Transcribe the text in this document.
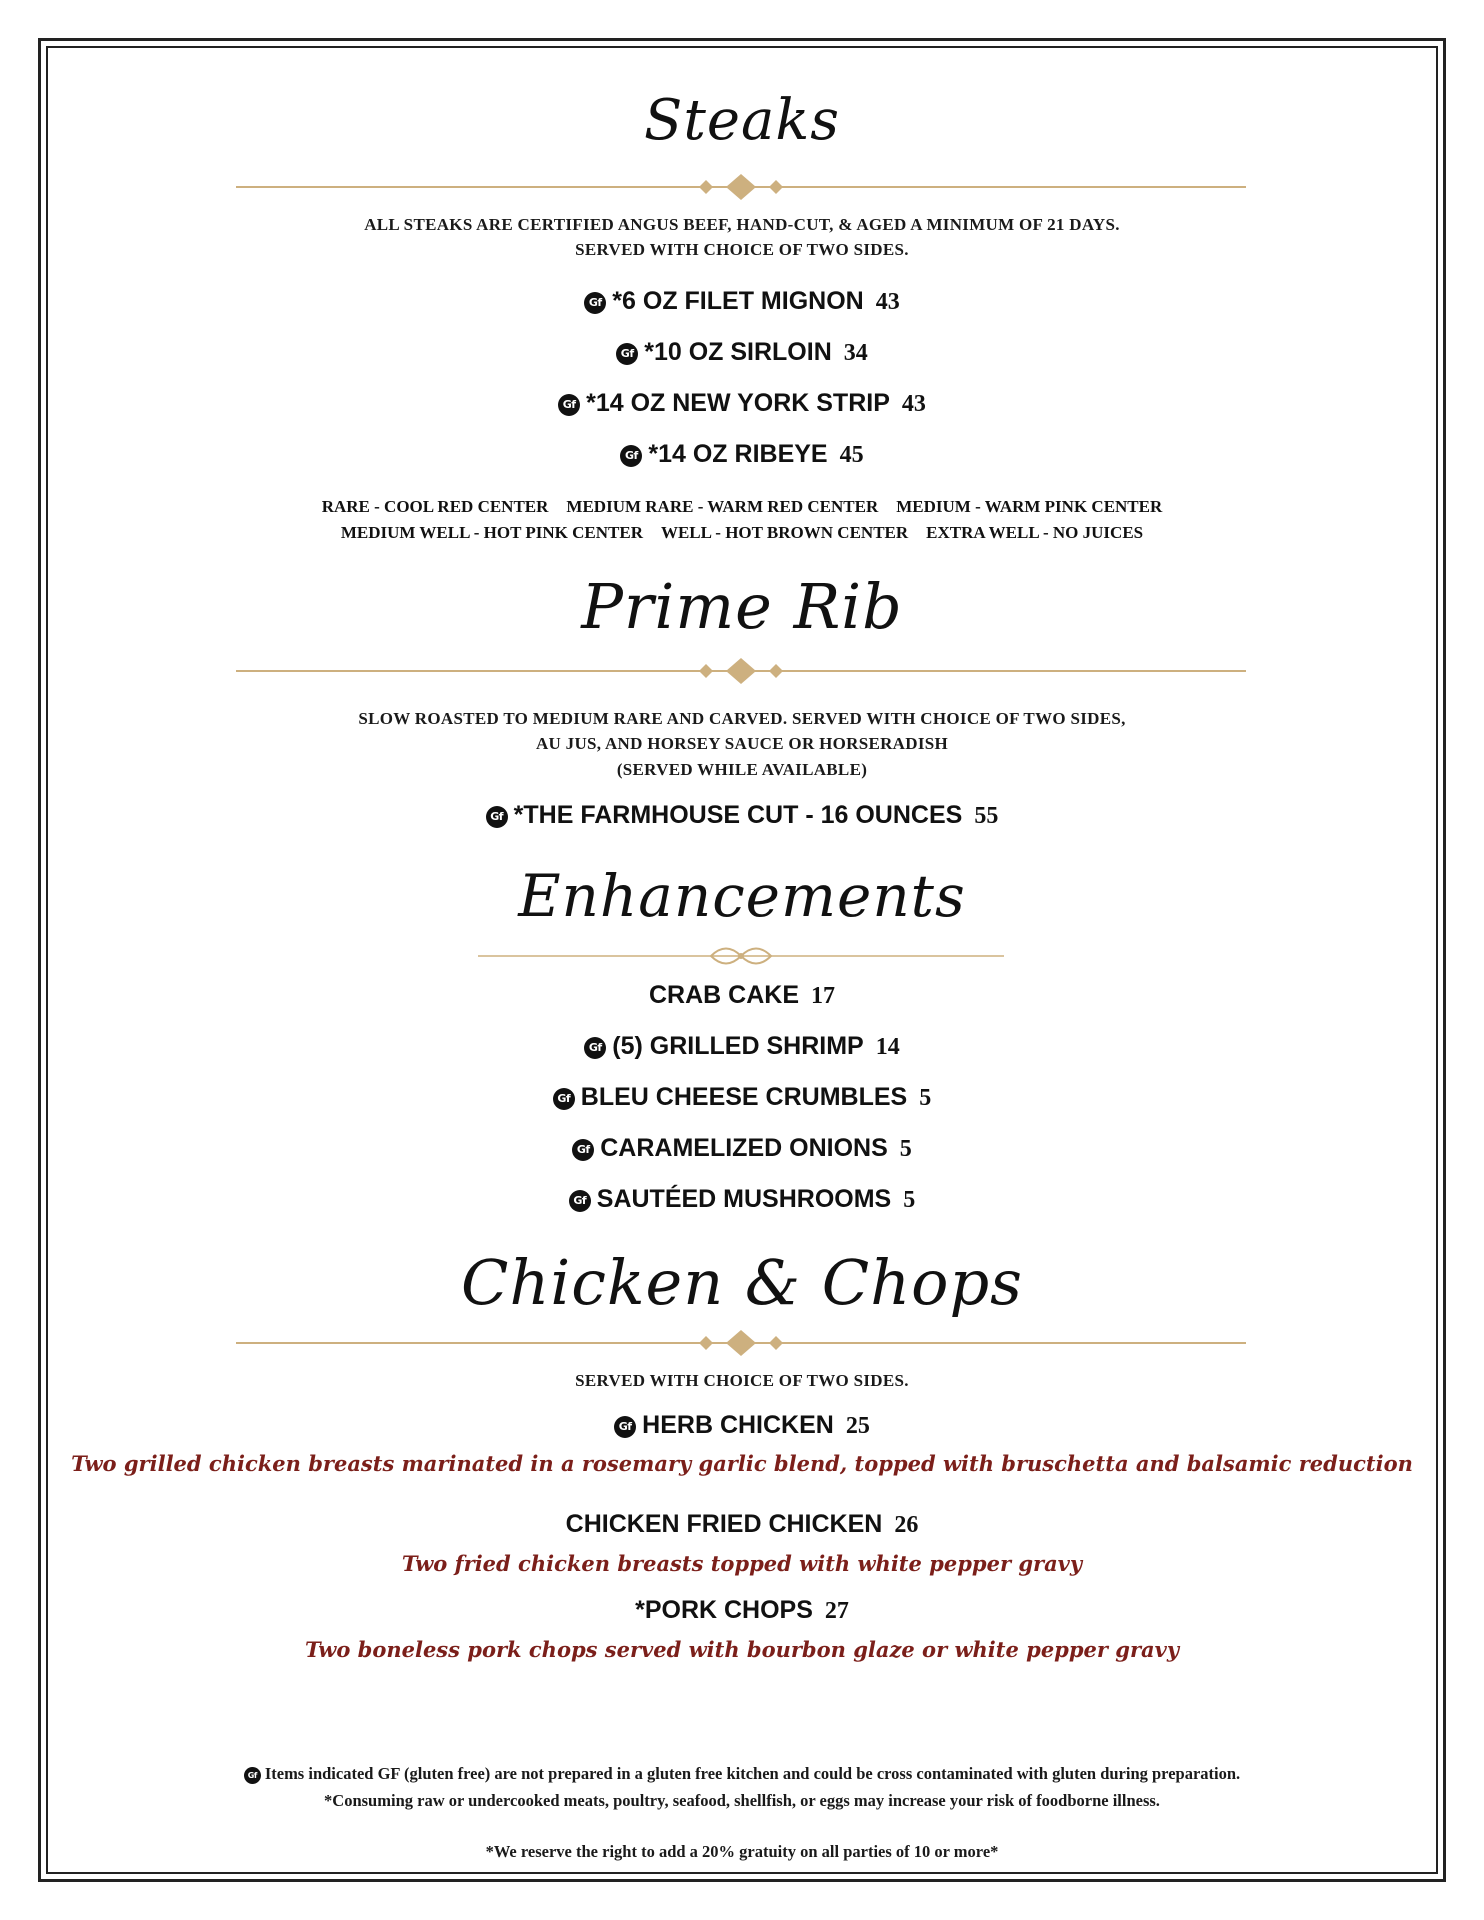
Steaks
ALL STEAKS ARE CERTIFIED ANGUS BEEF, HAND-CUT, & AGED A MINIMUM OF 21 DAYS.
SERVED WITH CHOICE OF TWO SIDES.
Gf *6 OZ FILET MIGNON 43
Gf *10 OZ SIRLOIN 34
Gf *14 OZ NEW YORK STRIP 43
Gf *14 OZ RIBEYE 45
RARE - COOL RED CENTER MEDIUM RARE - WARM RED CENTER MEDIUM - WARM PINK CENTER
MEDIUM WELL - HOT PINK CENTER WELL - HOT BROWN CENTER EXTRA WELL - NO JUICES
Prime Rib
SLOW ROASTED TO MEDIUM RARE AND CARVED. SERVED WITH CHOICE OF TWO SIDES,
AU JUS, AND HORSEY SAUCE OR HORSERADISH
(SERVED WHILE AVAILABLE)
Gf *THE FARMHOUSE CUT - 16 OUNCES 55
Enhancements
CRAB CAKE 17
Gf (5) GRILLED SHRIMP 14
Gf BLEU CHEESE CRUMBLES 5
Gf CARAMELIZED ONIONS 5
Gf SAUTÉED MUSHROOMS 5
Chicken & Chops
SERVED WITH CHOICE OF TWO SIDES.
Gf HERB CHICKEN 25
Two grilled chicken breasts marinated in a rosemary garlic blend, topped with bruschetta and balsamic reduction
CHICKEN FRIED CHICKEN 26
Two fried chicken breasts topped with white pepper gravy
*PORK CHOPS 27
Two boneless pork chops served with bourbon glaze or white pepper gravy
Gf Items indicated GF (gluten free) are not prepared in a gluten free kitchen and could be cross contaminated with gluten during preparation.
*Consuming raw or undercooked meats, poultry, seafood, shellfish, or eggs may increase your risk of foodborne illness.
*We reserve the right to add a 20% gratuity on all parties of 10 or more*
